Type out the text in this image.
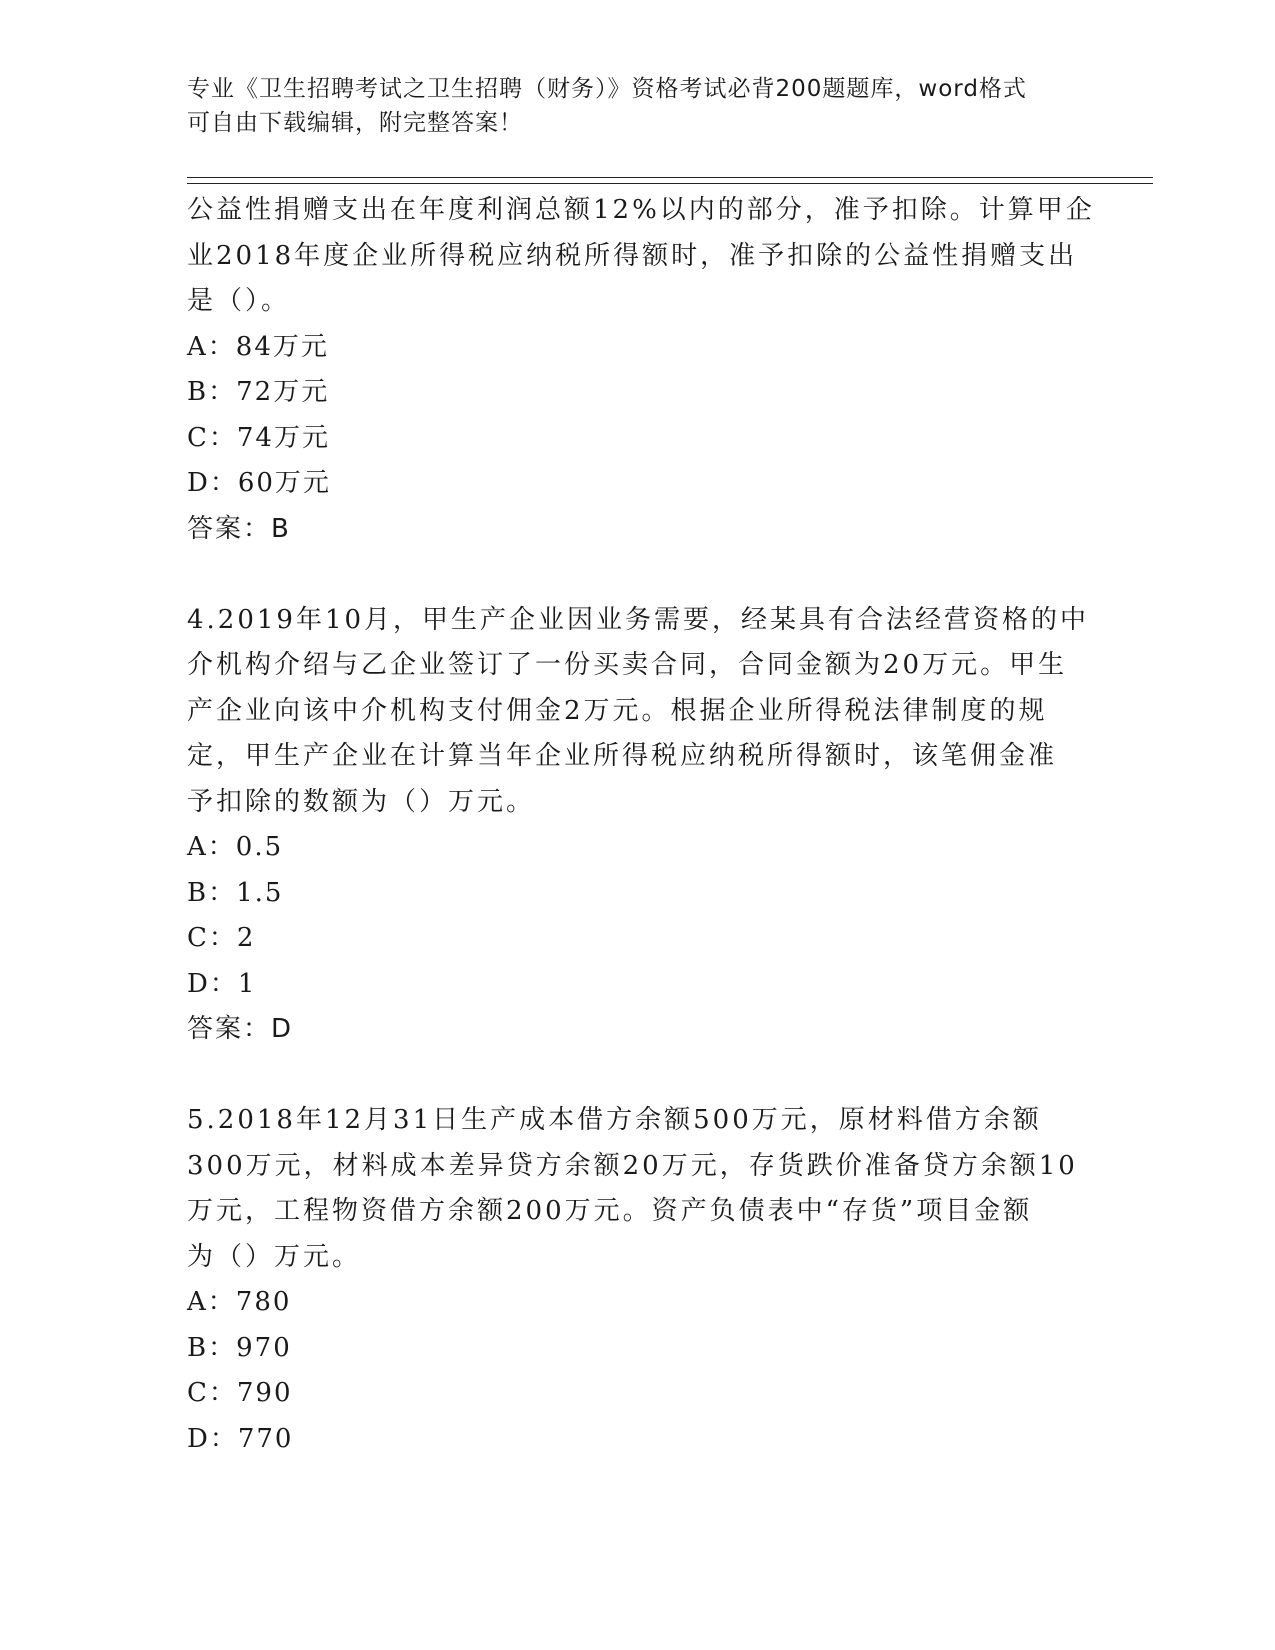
专业《卫生招聘考试之卫生招聘（财务）》资格考试必背200题题库，word格式
可自由下载编辑，附完整答案！
公益性捐赠支出在年度利润总额12%以内的部分，准予扣除。计算甲企
业2018年度企业所得税应纳税所得额时，准予扣除的公益性捐赠支出
是（）。
A：84万元
B：72万元
C：74万元
D：60万元
答案：B
4.2019年10月，甲生产企业因业务需要，经某具有合法经营资格的中
介机构介绍与乙企业签订了一份买卖合同，合同金额为20万元。甲生
产企业向该中介机构支付佣金2万元。根据企业所得税法律制度的规
定，甲生产企业在计算当年企业所得税应纳税所得额时，该笔佣金准
予扣除的数额为（）万元。
A：0.5
B：1.5
C：2
D：1
答案：D
5.2018年12月31日生产成本借方余额500万元，原材料借方余额
300万元，材料成本差异贷方余额20万元，存货跌价准备贷方余额10
万元，工程物资借方余额200万元。资产负债表中“存货”项目金额
为（）万元。
A：780
B：970
C：790
D：770
